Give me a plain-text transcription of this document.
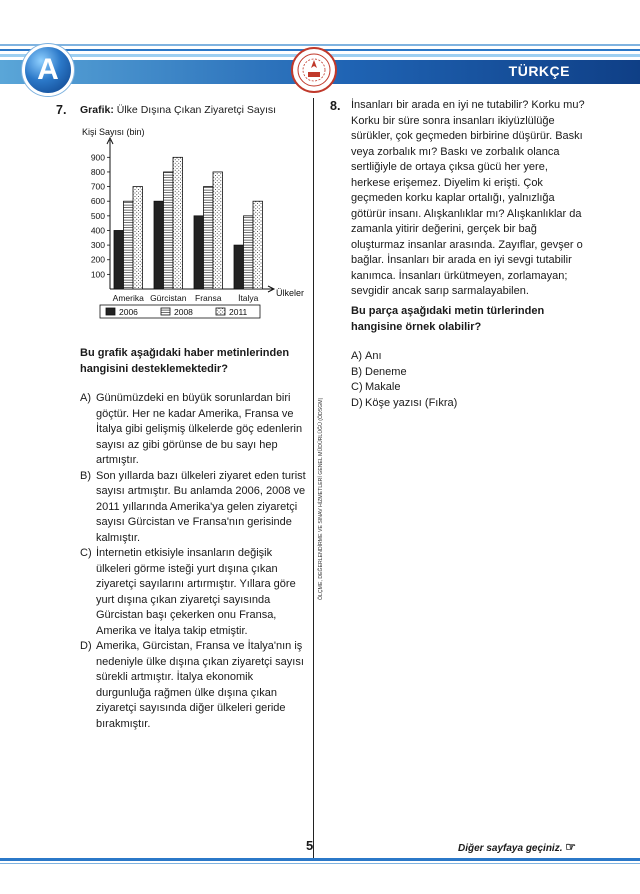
A	TÜRKÇE
ÖLÇME, DEĞERLENDİRME VE SINAV HİZMETLERİ GENEL MÜDÜRLÜĞÜ (ÖDSGM)
7. Grafik: Ülke Dışına Çıkan Ziyaretçi Sayısı
Kişi Sayısı (bin)
Ülkeler
100
200
300
400
500
600
700
800
900
Amerika Gürcistan Fransa İtalya
2006	2008	2011
Bu grafik aşağıdaki haber metinlerinden hangisini desteklemektedir?
A) Günümüzdeki en büyük sorunlardan biri göçtür. Her ne kadar Amerika, Fransa ve İtalya gibi gelişmiş ülkelerde göç edenlerin sayısı az gibi görünse de bu sayı hep artmıştır.
B) Son yıllarda bazı ülkeleri ziyaret eden turist sayısı artmıştır. Bu anlamda 2006, 2008 ve 2011 yıllarında Amerika'ya gelen ziyaretçi sayısı Gürcistan ve Fransa'nın gerisinde kalmıştır.
C) İnternetin etkisiyle insanların değişik ülkeleri görme isteği yurt dışına çıkan ziyaretçi sayılarını artırmıştır. Yıllara göre yurt dışına çıkan ziyaretçi sayısında Gürcistan başı çekerken onu Fransa, Amerika ve İtalya takip etmiştir.
D) Amerika, Gürcistan, Fransa ve İtalya'nın iş nedeniyle ülke dışına çıkan ziyaretçi sayısı sürekli artmıştır. İtalya ekonomik durgunluğa rağmen ülke dışına çıkan ziyaretçi sayısında diğer ülkeleri geride bırakmıştır.
8. İnsanları bir arada en iyi ne tutabilir? Korku mu? Korku bir süre sonra insanları ikiyüzlülüğe sürükler, çok geçmeden birbirine düşürür. Baskı veya zorbalık mı? Baskı ve zorbalık olanca sertliğiyle de ortaya çıksa gücü her yere, herkese erişemez. Diyelim ki erişti. Çok geçmeden korku kaplar ortalığı, yalnızlığa götürür insanı. Alışkanlıklar mı? Alışkanlıklar da zamanla yitirir değerini, gerçek bir bağ oluşturmaz insanlar arasında. Zayıflar, gevşer o bağlar. İnsanları bir arada en iyi sevgi tutabilir kanımca. İnsanları ürkütmeyen, zorlamayan; sevgidir ancak sarıp sarmalayabilen.
Bu parça aşağıdaki metin türlerinden hangisine örnek olabilir?
A) Anı
B) Deneme
C) Makale
D) Köşe yazısı (Fıkra)
5	Diğer sayfaya geçiniz. ☞
